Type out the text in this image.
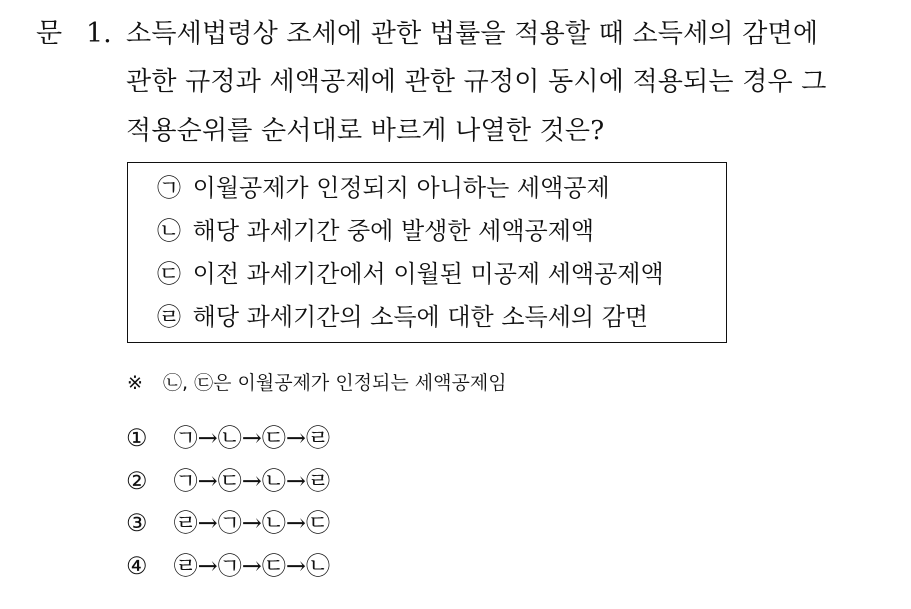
문 1. 소득세법령상 조세에 관한 법률을 적용할 때 소득세의 감면에
관한 규정과 세액공제에 관한 규정이 동시에 적용되는 경우 그
적용순위를 순서대로 바르게 나열한 것은?
㉠ 이월공제가 인정되지 아니하는 세액공제
㉡ 해당 과세기간 중에 발생한 세액공제액
㉢ 이전 과세기간에서 이월된 미공제 세액공제액
㉣ 해당 과세기간의 소득에 대한 소득세의 감면
※ ㉡, ㉢은 이월공제가 인정되는 세액공제임
① ㉠→㉡→㉢→㉣
② ㉠→㉢→㉡→㉣
③ ㉣→㉠→㉡→㉢
④ ㉣→㉠→㉢→㉡
